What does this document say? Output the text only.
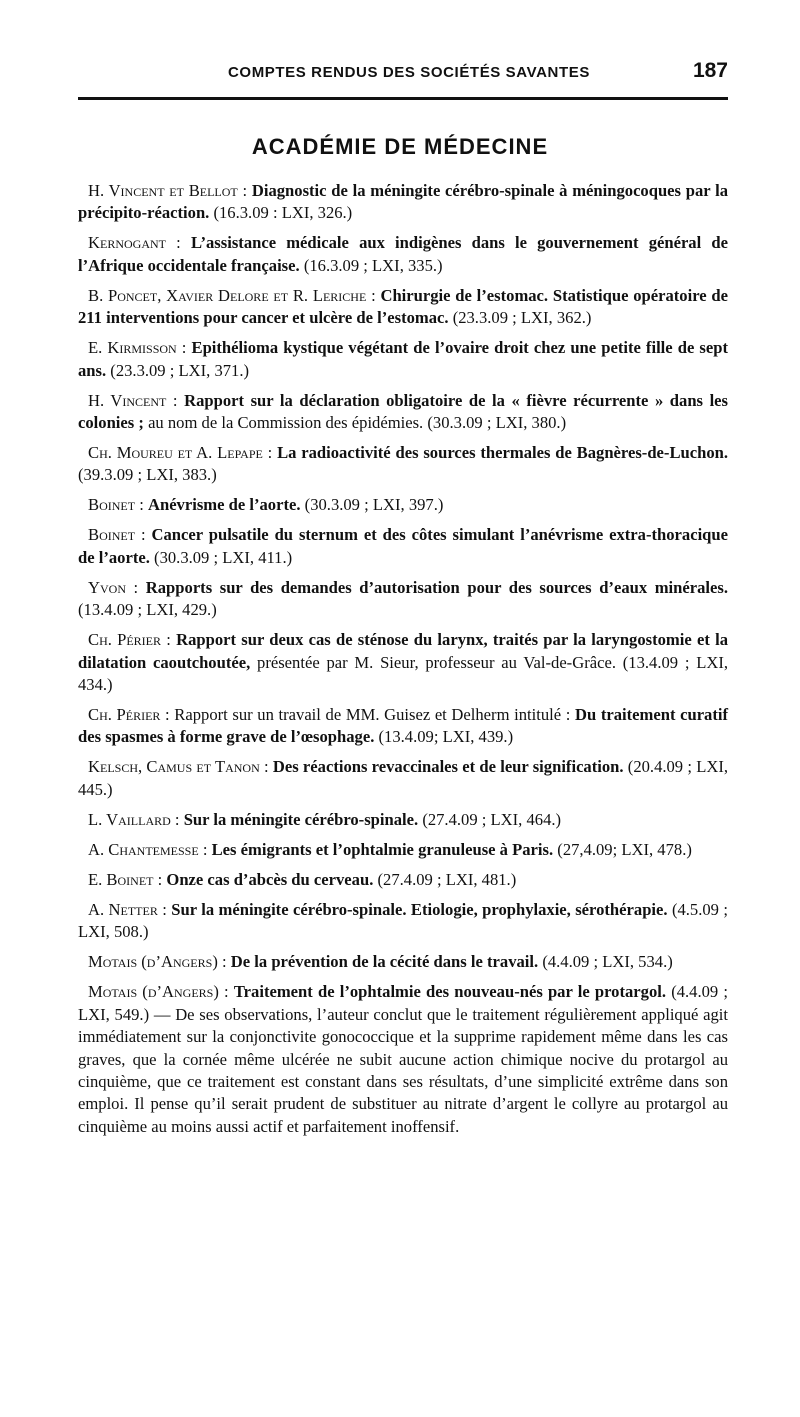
COMPTES RENDUS DES SOCIÉTÉS SAVANTES	187
ACADÉMIE DE MÉDECINE

H. Vincent et Bellot : Diagnostic de la méningite cérébro-spinale à méningocoques par la précipito-réaction. (16.3.09 : LXI, 326.)

Kernogant : L’assistance médicale aux indigènes dans le gouvernement général de l’Afrique occidentale française. (16.3.09 ; LXI, 335.)

B. Poncet, Xavier Delore et R. Leriche : Chirurgie de l’estomac. Statistique opératoire de 211 interventions pour cancer et ulcère de l’estomac. (23.3.09 ; LXI, 362.)

E. Kirmisson : Epithélioma kystique végétant de l’ovaire droit chez une petite fille de sept ans. (23.3.09 ; LXI, 371.)

H. Vincent : Rapport sur la déclaration obligatoire de la « fièvre récurrente » dans les colonies ; au nom de la Commission des épidémies. (30.3.09 ; LXI, 380.)

Ch. Moureu et A. Lepape : La radioactivité des sources thermales de Bagnères-de-Luchon. (39.3.09 ; LXI, 383.)

Boinet : Anévrisme de l’aorte. (30.3.09 ; LXI, 397.)

Boinet : Cancer pulsatile du sternum et des côtes simulant l’anévrisme extra-thoracique de l’aorte. (30.3.09 ; LXI, 411.)

Yvon : Rapports sur des demandes d’autorisation pour des sources d’eaux minérales. (13.4.09 ; LXI, 429.)

Ch. Périer : Rapport sur deux cas de sténose du larynx, traités par la laryngostomie et la dilatation caoutchoutée, présentée par M. Sieur, professeur au Val-de-Grâce. (13.4.09 ; LXI, 434.)

Ch. Périer : Rapport sur un travail de MM. Guisez et Delherm intitulé : Du traitement curatif des spasmes à forme grave de l’œsophage. (13.4.09; LXI, 439.)

Kelsch, Camus et Tanon : Des réactions revaccinales et de leur signification. (20.4.09 ; LXI, 445.)

L. Vaillard : Sur la méningite cérébro-spinale. (27.4.09 ; LXI, 464.)

A. Chantemesse : Les émigrants et l’ophtalmie granuleuse à Paris. (27,4.09; LXI, 478.)

E. Boinet : Onze cas d’abcès du cerveau. (27.4.09 ; LXI, 481.)

A. Netter : Sur la méningite cérébro-spinale. Etiologie, prophylaxie, sérothérapie. (4.5.09 ; LXI, 508.)

Motais (d’Angers) : De la prévention de la cécité dans le travail. (4.4.09 ; LXI, 534.)

Motais (d’Angers) : Traitement de l’ophtalmie des nouveau-nés par le protargol. (4.4.09 ; LXI, 549.) — De ses observations, l’auteur conclut que le traitement régulièrement appliqué agit immédiatement sur la conjonctivite gonococcique et la supprime rapidement même dans les cas graves, que la cornée même ulcérée ne subit aucune action chimique nocive du protargol au cinquième, que ce traitement est constant dans ses résultats, d’une simplicité extrême dans son emploi. Il pense qu’il serait prudent de substituer au nitrate d’argent le collyre au protargol au cinquième au moins aussi actif et parfaitement inoffensif.
